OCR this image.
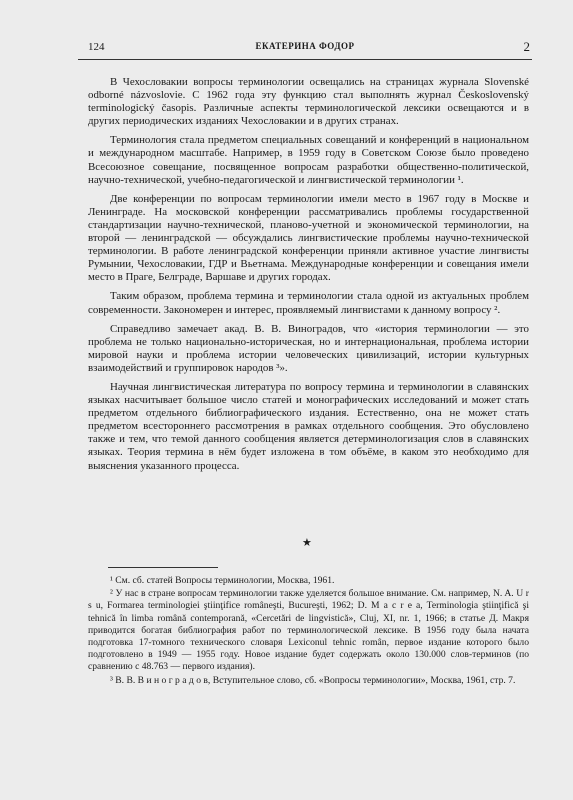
124	ЕКАТЕРИНА ФОДОР	2

В Чехословакии вопросы терминологии освещались на страницах журнала Slovenské odborné názvoslovie. С 1962 года эту функцию стал выполнять журнал Československý terminologický časopis. Различные аспекты терминологической лексики освещаются и в других периодических изданиях Чехословакии и в других странах.

Терминология стала предметом специальных совещаний и конференций в национальном и международном масштабе. Например, в 1959 году в Советском Союзе было проведено Всесоюзное совещание, посвященное вопросам разработки общественно-политической, научно-технической, учебно-педагогической и лингвистической терминологии ¹.

Две конференции по вопросам терминологии имели место в 1967 году в Москве и Ленинграде. На московской конференции рассматривались проблемы государственной стандартизации научно-технической, планово-учетной и экономической терминологии, на второй — ленинградской — обсуждались лингвистические проблемы научно-технической терминологии. В работе ленинградской конференции приняли активное участие лингвисты Румынии, Чехословакии, ГДР и Вьетнама. Международные конференции и совещания имели место в Праге, Белграде, Варшаве и других городах.

Таким образом, проблема термина и терминологии стала одной из актуальных проблем современности. Закономерен и интерес, проявляемый лингвистами к данному вопросу ².

Справедливо замечает акад. В. В. Виноградов, что «история терминологии — это проблема не только национально-историческая, но и интернациональная, проблема истории мировой науки и проблема истории человеческих цивилизаций, истории культурных взаимодействий и группировок народов ³».

Научная лингвистическая литература по вопросу термина и терминологии в славянских языках насчитывает большое число статей и монографических исследований и может стать предметом отдельного библиографического издания. Естественно, она не может стать предметом всестороннего рассмотрения в рамках отдельного сообщения. Это обусловлено также и тем, что темой данного сообщения является детерминологизация слов в славянских языках. Теория термина в нём будет изложена в том объёме, в каком это необходимо для выяснения указанного процесса.

★

¹ См. сб. статей Вопросы терминологии, Москва, 1961.

² У нас в стране вопросам терминологии также уделяется большое внимание. См. например, N. A. U r s u, Formarea terminologiei ştiinţifice româneşti, Bucureşti, 1962; D. M a c r e a, Terminologia ştiinţifică şi tehnică în limba română contemporană, «Cercetări de lingvistică», Cluj, XI, nr. 1, 1966; в статье Д. Макря приводится богатая библиография работ по терминологической лексике. В 1956 году была начата подготовка 17-томного технического словаря Lexiconul tehnic român, первое издание которого было подготовлено в 1949 — 1955 году. Новое издание будет содержать около 130.000 слов-терминов (по сравнению с 48.763 — первого издания).

³ В. В. В и н о г р а д о в, Вступительное слово, сб. «Вопросы терминологии», Москва, 1961, стр. 7.
